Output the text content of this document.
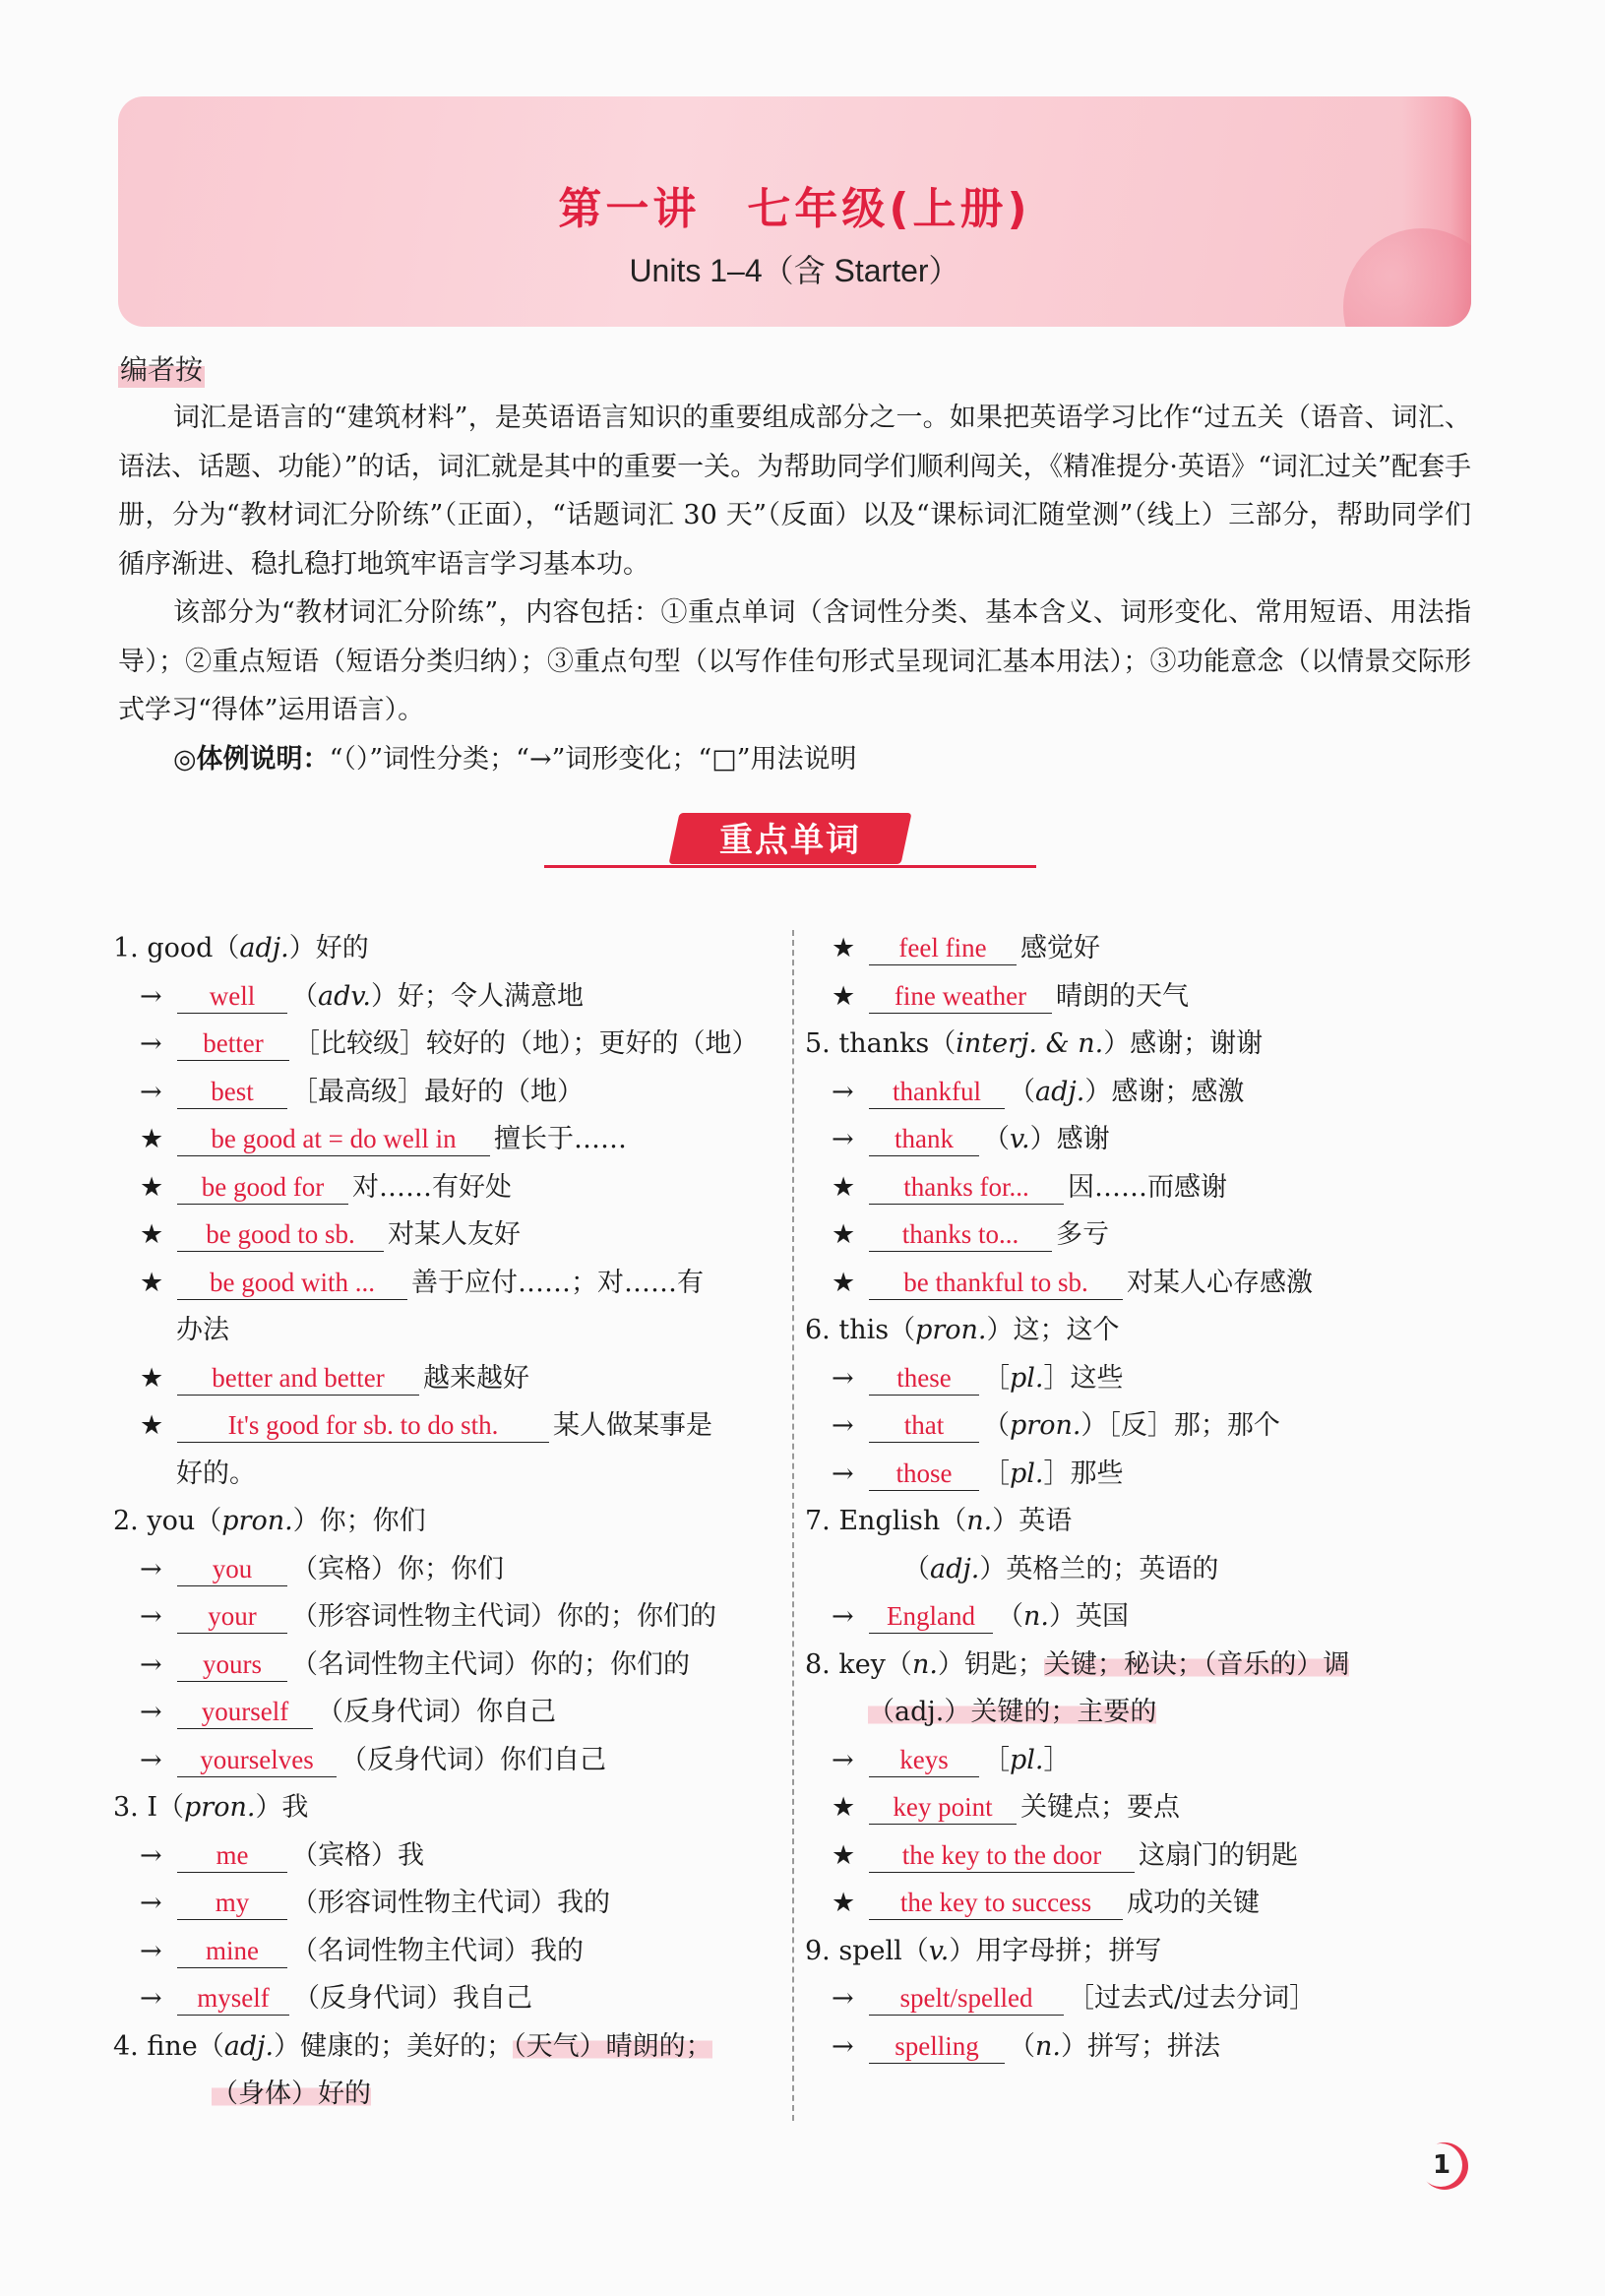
第一讲　七年级(上册)
Units 1–4（含 Starter）
编者按
词汇是语言的“建筑材料”，是英语语言知识的重要组成部分之一。如果把英语学习比作“过五关（语音、词汇、语法、话题、功能）”的话，词汇就是其中的重要一关。为帮助同学们顺利闯关，《精准提分·英语》“词汇过关”配套手册，分为“教材词汇分阶练”（正面），“话题词汇 30 天”（反面）以及“课标词汇随堂测”（线上）三部分，帮助同学们循序渐进、稳扎稳打地筑牢语言学习基本功。
该部分为“教材词汇分阶练”，内容包括：①重点单词（含词性分类、基本含义、词形变化、常用短语、用法指导）；②重点短语（短语分类归纳）；③重点句型（以写作佳句形式呈现词汇基本用法）；③功能意念（以情景交际形式学习“得体”运用语言）。
◎体例说明：“（）”词性分类；“→”词形变化；“□”用法说明
重点单词
1. good（adj.）好的
→ well （adv.）好；令人满意地
→ better ［比较级］较好的（地）；更好的（地）
→ best ［最高级］最好的（地）
★ be good at = do well in 擅长于……
★ be good for 对……有好处
★ be good to sb. 对某人友好
★ be good with ... 善于应付……；对……有
办法
★ better and better 越来越好
★ It's good for sb. to do sth. 某人做某事是
好的。
2. you（pron.）你；你们
→ you （宾格）你；你们
→ your （形容词性物主代词）你的；你们的
→ yours （名词性物主代词）你的；你们的
→ yourself （反身代词）你自己
→ yourselves （反身代词）你们自己
3. I（pron.）我
→ me （宾格）我
→ my （形容词性物主代词）我的
→ mine （名词性物主代词）我的
→ myself （反身代词）我自己
4. fine（adj.）健康的；美好的；（天气）晴朗的；
（身体）好的
★ feel fine 感觉好
★ fine weather 晴朗的天气
5. thanks（interj. & n.）感谢；谢谢
→ thankful （adj.）感谢；感激
→ thank （v.）感谢
★ thanks for... 因……而感谢
★ thanks to... 多亏
★ be thankful to sb. 对某人心存感激
6. this（pron.）这；这个
→ these ［pl.］这些
→ that （pron.）［反］那；那个
→ those ［pl.］那些
7. English（n.）英语
（adj.）英格兰的；英语的
→ England （n.）英国
8. key（n.）钥匙；关键；秘诀；（音乐的）调
（adj.）关键的；主要的
→ keys ［pl.］
★ key point 关键点；要点
★ the key to the door 这扇门的钥匙
★ the key to success 成功的关键
9. spell（v.）用字母拼；拼写
→ spelt/spelled ［过去式/过去分词］
→ spelling （n.）拼写；拼法
1
